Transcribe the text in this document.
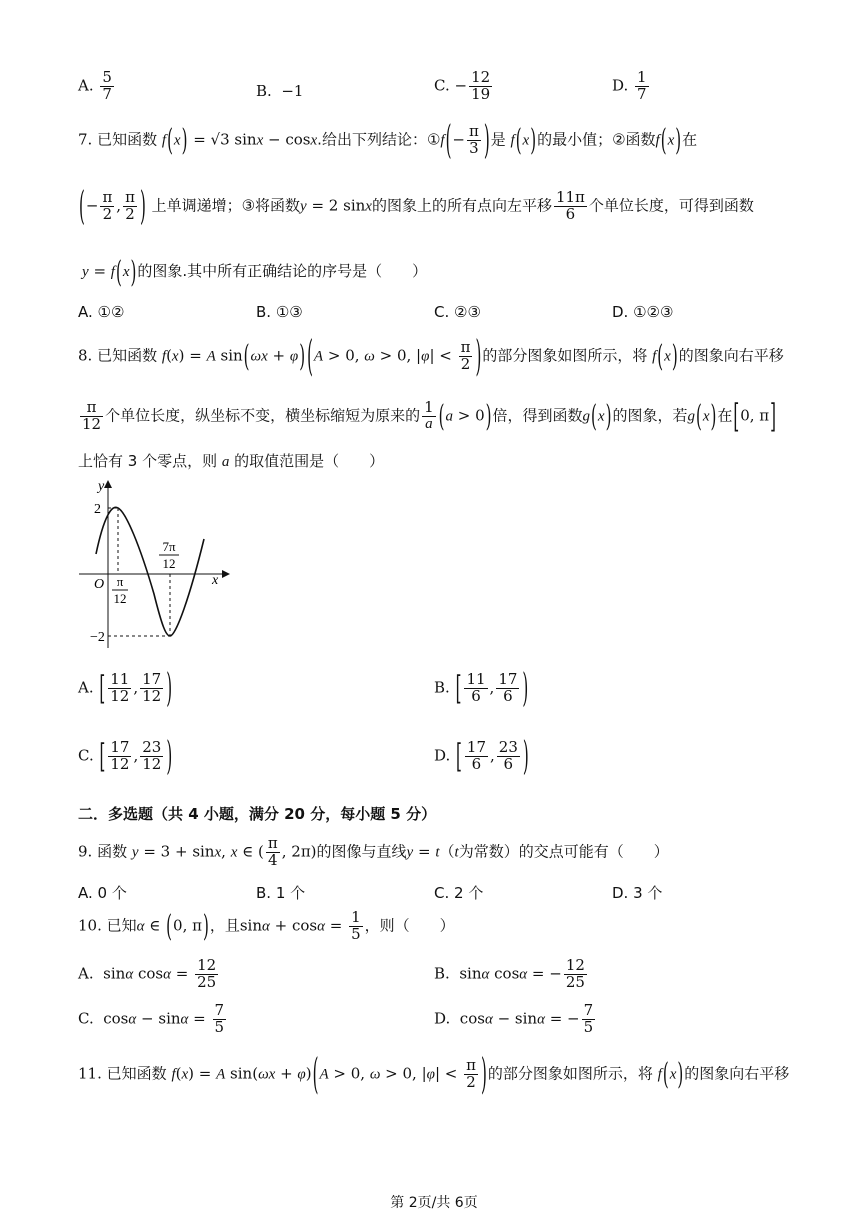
A. $\frac{5}{7}$	B. −1	C. − $\frac{12}{19}$	D. $\frac{1}{7}$
7. 已知函数 f(x) = √3 sinx − cosx.给出下列结论：①f(− $\frac{\pi}{3}$ )是 f(x)的最小值；②函数f(x)在
(− $\frac{\pi}{2}$ , $\frac{\pi}{2}$ ) 上单调递增；③将函数y = 2 sinx的图象上的所有点向左平移 $\frac{11\pi}{6}$ 个单位长度，可得到函数
y = f(x)的图象.其中所有正确结论的序号是（　　）
A. ①②	B. ①③	C. ②③	D. ①②③
8. 已知函数 f(x) = A sin(ωx + φ) (A > 0, ω > 0, $|\varphi| < \frac{\pi}{2}$ )的部分图象如图所示，将 f(x)的图象向右平移
$\frac{\pi}{12}$ 个单位长度，纵坐标不变，横坐标缩短为原来的 $\frac{1}{a} (a > 0)$倍，得到函数g(x)的图象，若g(x)在[0, π]
上恰有 3 个零点，则 a 的取值范围是（　　）
y
x
O
2
−2
π
12
7π
12
A. [ $\frac{11}{12}$ , $\frac{17}{12}$ )	B. [ $\frac{11}{6}$ , $\frac{17}{6}$ )
C. [ $\frac{17}{12}$ , $\frac{23}{12}$ )	D. [ $\frac{17}{6}$ , $\frac{23}{6}$ )
二．多选题（共 4 小题，满分 20 分，每小题 5 分）
9. 函数 y = 3 + sinx, x ∈ ( $\frac{\pi}{4}$ , 2π)的图像与直线y = t（t为常数）的交点可能有（　　）
A. 0 个	B. 1 个	C. 2 个	D. 3 个
10. 已知α ∈ (0, π)，且$\sin\alpha + \cos\alpha = \frac{1}{5}$ ，则（　　）
A.  sinα $\cos\alpha = \frac{12}{25}$	B.  sinα cosα = − $\frac{12}{25}$
C.  $\cos\alpha - \sin\alpha = \frac{7}{5}$	D.  cosα − sinα = − $\frac{7}{5}$
11. 已知函数 f(x) = A sin(ωx + φ)(A > 0, ω > 0, $|\varphi| < \frac{\pi}{2}$ )的部分图象如图所示，将 f(x)的图象向右平移
第 2页/共 6页
